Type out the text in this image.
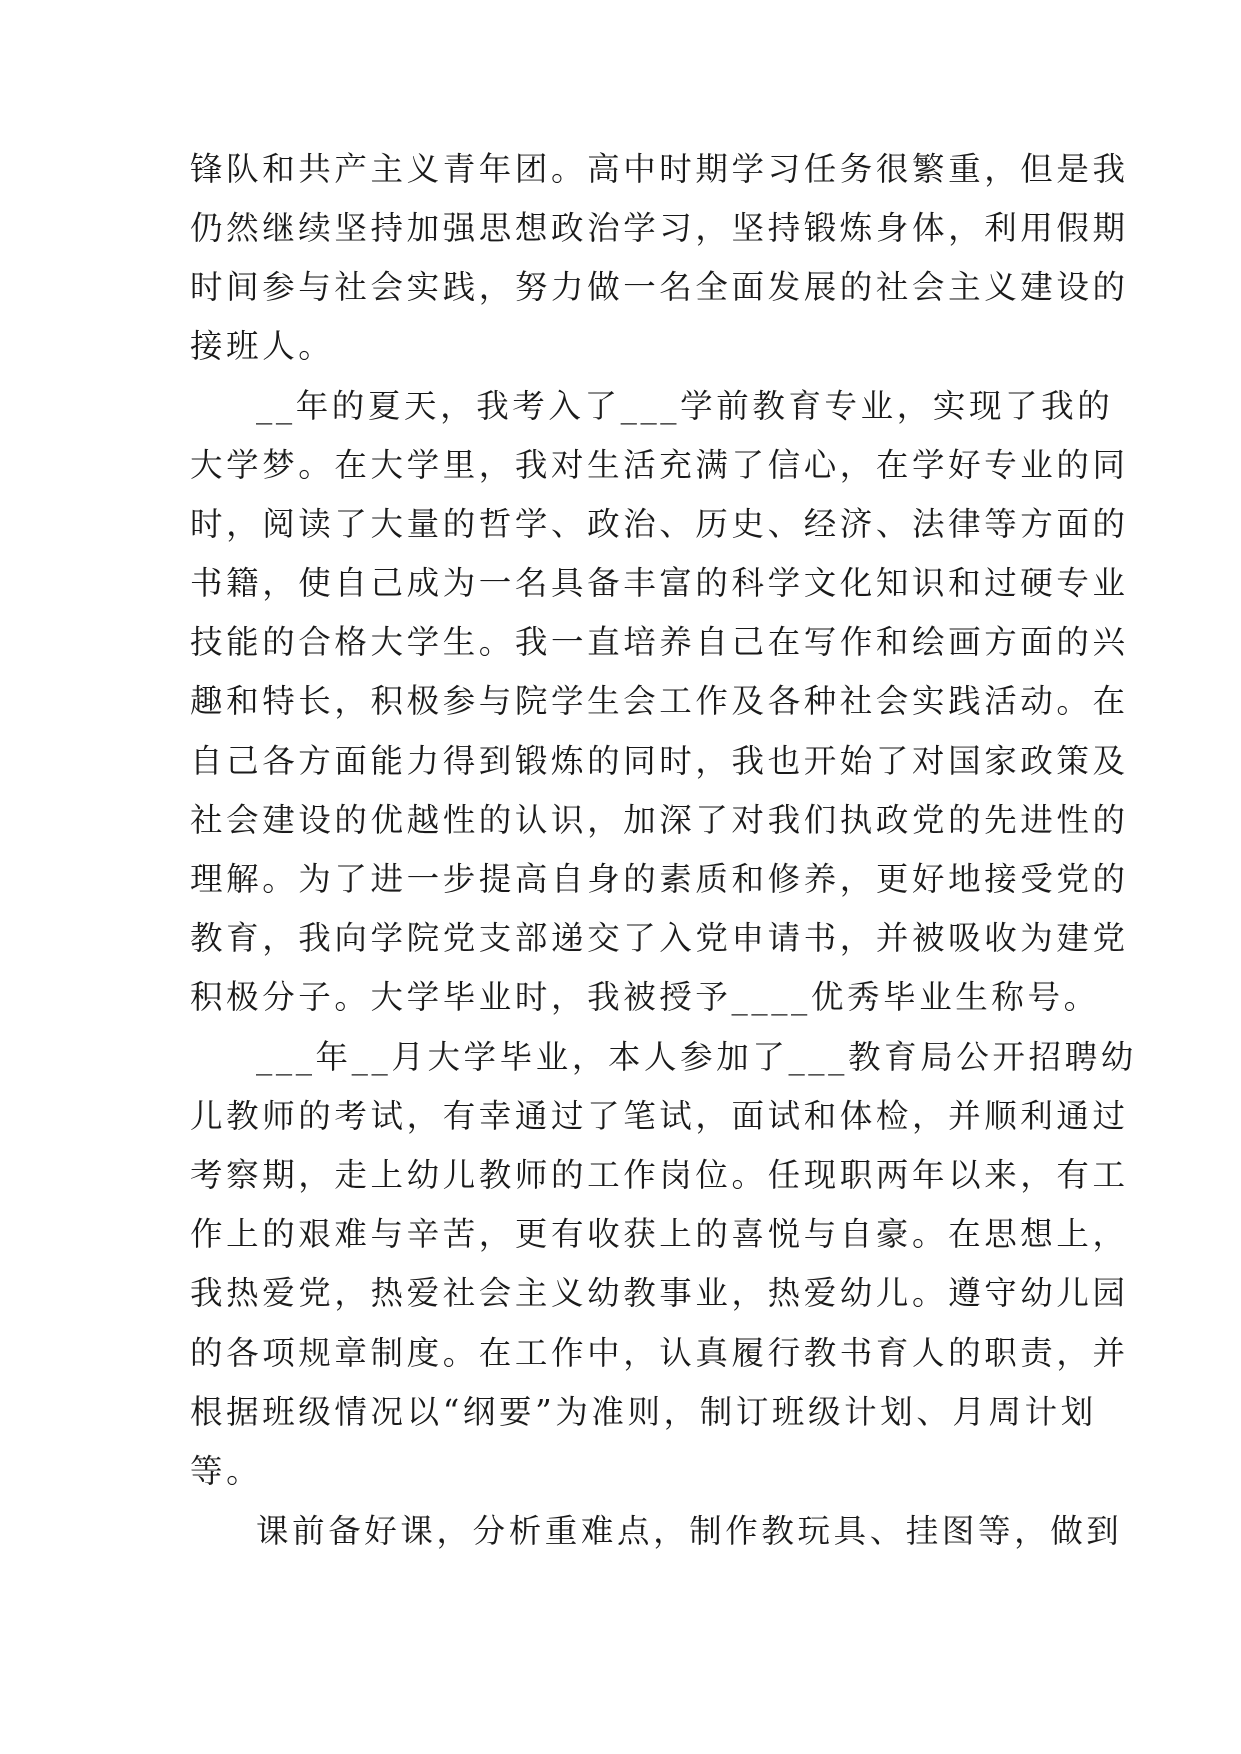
锋队和共产主义青年团。高中时期学习任务很繁重，但是我
仍然继续坚持加强思想政治学习，坚持锻炼身体，利用假期
时间参与社会实践，努力做一名全面发展的社会主义建设的
接班人。
__年的夏天，我考入了___学前教育专业，实现了我的
大学梦。在大学里，我对生活充满了信心，在学好专业的同
时，阅读了大量的哲学、政治、历史、经济、法律等方面的
书籍，使自己成为一名具备丰富的科学文化知识和过硬专业
技能的合格大学生。我一直培养自己在写作和绘画方面的兴
趣和特长，积极参与院学生会工作及各种社会实践活动。在
自己各方面能力得到锻炼的同时，我也开始了对国家政策及
社会建设的优越性的认识，加深了对我们执政党的先进性的
理解。为了进一步提高自身的素质和修养，更好地接受党的
教育，我向学院党支部递交了入党申请书，并被吸收为建党
积极分子。大学毕业时，我被授予____优秀毕业生称号。
___年__月大学毕业，本人参加了___教育局公开招聘幼
儿教师的考试，有幸通过了笔试，面试和体检，并顺利通过
考察期，走上幼儿教师的工作岗位。任现职两年以来，有工
作上的艰难与辛苦，更有收获上的喜悦与自豪。在思想上，
我热爱党，热爱社会主义幼教事业，热爱幼儿。遵守幼儿园
的各项规章制度。在工作中，认真履行教书育人的职责，并
根据班级情况以“纲要”为准则，制订班级计划、月周计划
等。
课前备好课，分析重难点，制作教玩具、挂图等，做到
